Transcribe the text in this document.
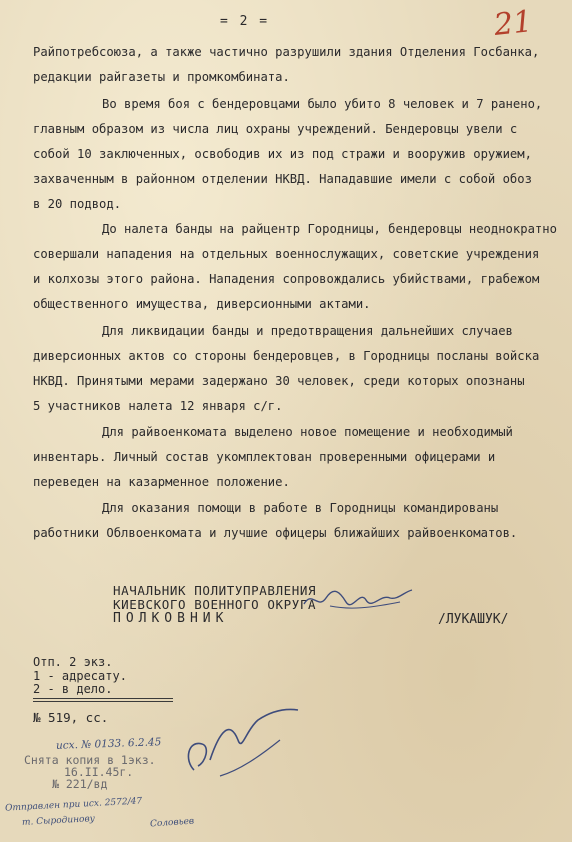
= 2 =	21
Райпотребсоюза, а также частично разрушили здания Отделения Госбанка,
редакции райгазеты и промкомбината.
Во время боя с бендеровцами было убито 8 человек и 7 ранено,
главным образом из числа лиц охраны учреждений. Бендеровцы увели с
собой 10 заключенных, освободив их из под стражи и вооружив оружием,
захваченным в районном отделении НКВД. Нападавшие имели с собой обоз
в 20 подвод.
До налета банды на райцентр Городницы, бендеровцы неоднократно
совершали нападения на отдельных военнослужащих, советские учреждения
и колхозы этого района. Нападения сопровождались убийствами, грабежом
общественного имущества, диверсионными актами.
Для ликвидации банды и предотвращения дальнейших случаев
диверсионных актов со стороны бендеровцев, в Городницы посланы войска
НКВД. Принятыми мерами задержано 30 человек, среди которых опознаны
5 участников налета 12 января с/г.
Для райвоенкомата выделено новое помещение и необходимый
инвентарь. Личный состав укомплектован проверенными офицерами и
переведен на казарменное положение.
Для оказания помощи в работе в Городницы командированы
работники Облвоенкомата и лучшие офицеры ближайших райвоенкоматов.
НАЧАЛЬНИК ПОЛИТУПРАВЛЕНИЯ
КИЕВСКОГО ВОЕННОГО ОКРУГА
ПОЛКОВНИК	/ЛУКАШУК/
Отп. 2 экз.
1 - адресату.
2 - в дело.
№ 519, сс.
исх. № 0133. 6.2.45
Снята копия в 1экз.
16.II.45г.
№ 221/вд
Отправлен при исх. 2572/47
т. Сыродинову	Соловьев
